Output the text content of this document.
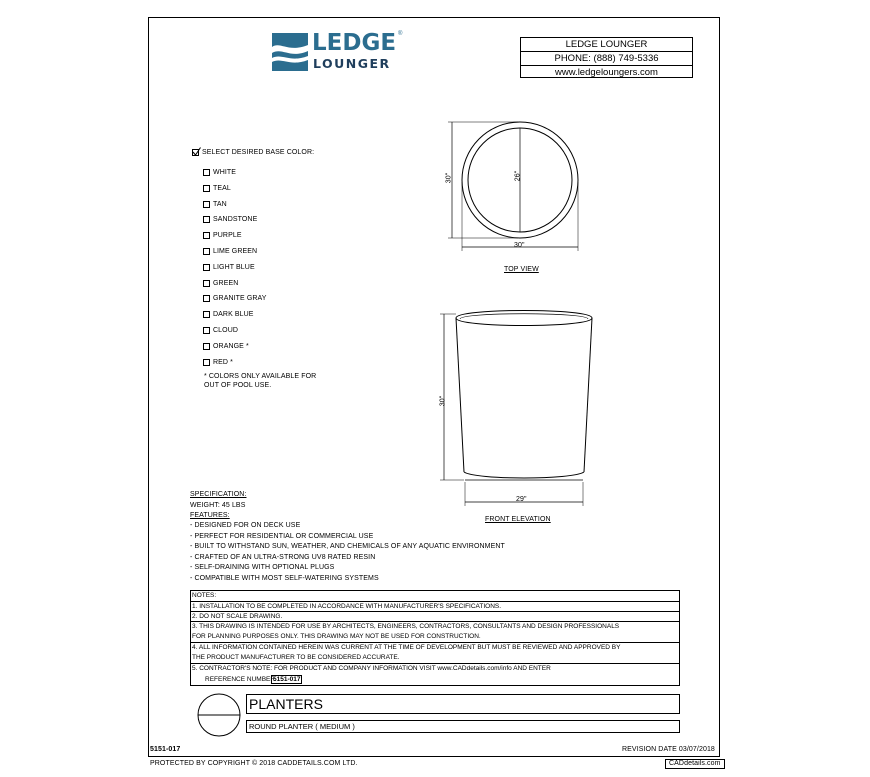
LEDGE ®
LOUNGER
LEDGE LOUNGER
PHONE: (888) 749-5336
www.ledgeloungers.com
SELECT DESIRED BASE COLOR:
WHITE
TEAL
TAN
SANDSTONE
PURPLE
LIME GREEN
LIGHT BLUE
GREEN
GRANITE GRAY
DARK BLUE
CLOUD
ORANGE *
RED *
* COLORS ONLY AVAILABLE FOR
OUT OF POOL USE.
30"	26"
30"
TOP VIEW
30"
29"
FRONT ELEVATION
SPECIFICATION:
WEIGHT: 45 LBS
FEATURES:
- DESIGNED FOR ON DECK USE
- PERFECT FOR RESIDENTIAL OR COMMERCIAL USE
- BUILT TO WITHSTAND SUN, WEATHER, AND CHEMICALS OF ANY AQUATIC ENVIRONMENT
- CRAFTED OF AN ULTRA-STRONG UV8 RATED RESIN
- SELF-DRAINING WITH OPTIONAL PLUGS
- COMPATIBLE WITH MOST SELF-WATERING SYSTEMS
NOTES:
1. INSTALLATION TO BE COMPLETED IN ACCORDANCE WITH MANUFACTURER'S SPECIFICATIONS.
2. DO NOT SCALE DRAWING.
3. THIS DRAWING IS INTENDED FOR USE BY ARCHITECTS, ENGINEERS, CONTRACTORS, CONSULTANTS AND DESIGN PROFESSIONALS
FOR PLANNING PURPOSES ONLY. THIS DRAWING MAY NOT BE USED FOR CONSTRUCTION.
4. ALL INFORMATION CONTAINED HEREIN WAS CURRENT AT THE TIME OF DEVELOPMENT BUT MUST BE REVIEWED AND APPROVED BY
THE PRODUCT MANUFACTURER TO BE CONSIDERED ACCURATE.
5. CONTRACTOR'S NOTE: FOR PRODUCT AND COMPANY INFORMATION VISIT www.CADdetails.com/info AND ENTER
REFERENCE NUMBER
5151-017
PLANTERS
ROUND PLANTER ( MEDIUM )
5151-017	REVISION DATE 03/07/2018
PROTECTED BY COPYRIGHT © 2018 CADDETAILS.COM LTD.	CADdetails.com
